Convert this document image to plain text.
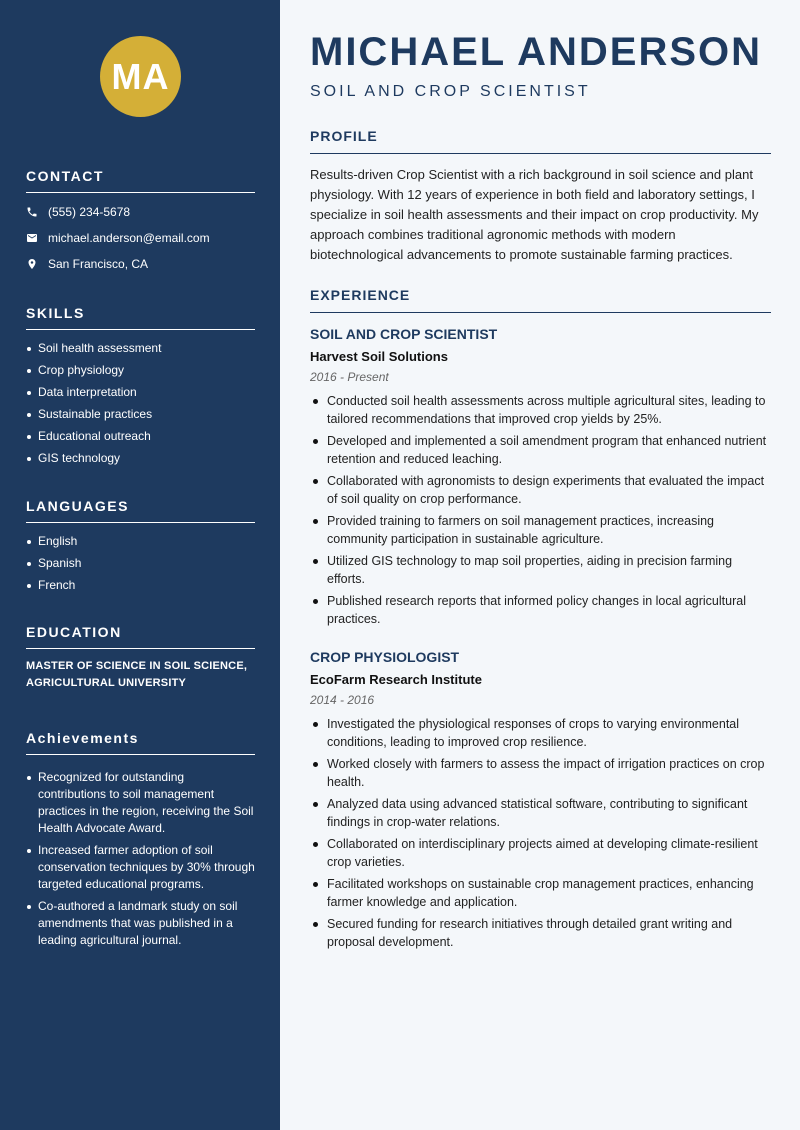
MA
CONTACT
(555) 234-5678
michael.anderson@email.com
San Francisco, CA
SKILLS
Soil health assessment
Crop physiology
Data interpretation
Sustainable practices
Educational outreach
GIS technology
LANGUAGES
English
Spanish
French
EDUCATION
MASTER OF SCIENCE IN SOIL SCIENCE, AGRICULTURAL UNIVERSITY
Achievements
Recognized for outstanding contributions to soil management practices in the region, receiving the Soil Health Advocate Award.
Increased farmer adoption of soil conservation techniques by 30% through targeted educational programs.
Co-authored a landmark study on soil amendments that was published in a leading agricultural journal.
MICHAEL ANDERSON
SOIL AND CROP SCIENTIST
PROFILE
Results-driven Crop Scientist with a rich background in soil science and plant physiology. With 12 years of experience in both field and laboratory settings, I specialize in soil health assessments and their impact on crop productivity. My approach combines traditional agronomic methods with modern biotechnological advancements to promote sustainable farming practices.
EXPERIENCE
SOIL AND CROP SCIENTIST
Harvest Soil Solutions
2016 - Present
Conducted soil health assessments across multiple agricultural sites, leading to tailored recommendations that improved crop yields by 25%.
Developed and implemented a soil amendment program that enhanced nutrient retention and reduced leaching.
Collaborated with agronomists to design experiments that evaluated the impact of soil quality on crop performance.
Provided training to farmers on soil management practices, increasing community participation in sustainable agriculture.
Utilized GIS technology to map soil properties, aiding in precision farming efforts.
Published research reports that informed policy changes in local agricultural practices.
CROP PHYSIOLOGIST
EcoFarm Research Institute
2014 - 2016
Investigated the physiological responses of crops to varying environmental conditions, leading to improved crop resilience.
Worked closely with farmers to assess the impact of irrigation practices on crop health.
Analyzed data using advanced statistical software, contributing to significant findings in crop-water relations.
Collaborated on interdisciplinary projects aimed at developing climate-resilient crop varieties.
Facilitated workshops on sustainable crop management practices, enhancing farmer knowledge and application.
Secured funding for research initiatives through detailed grant writing and proposal development.
